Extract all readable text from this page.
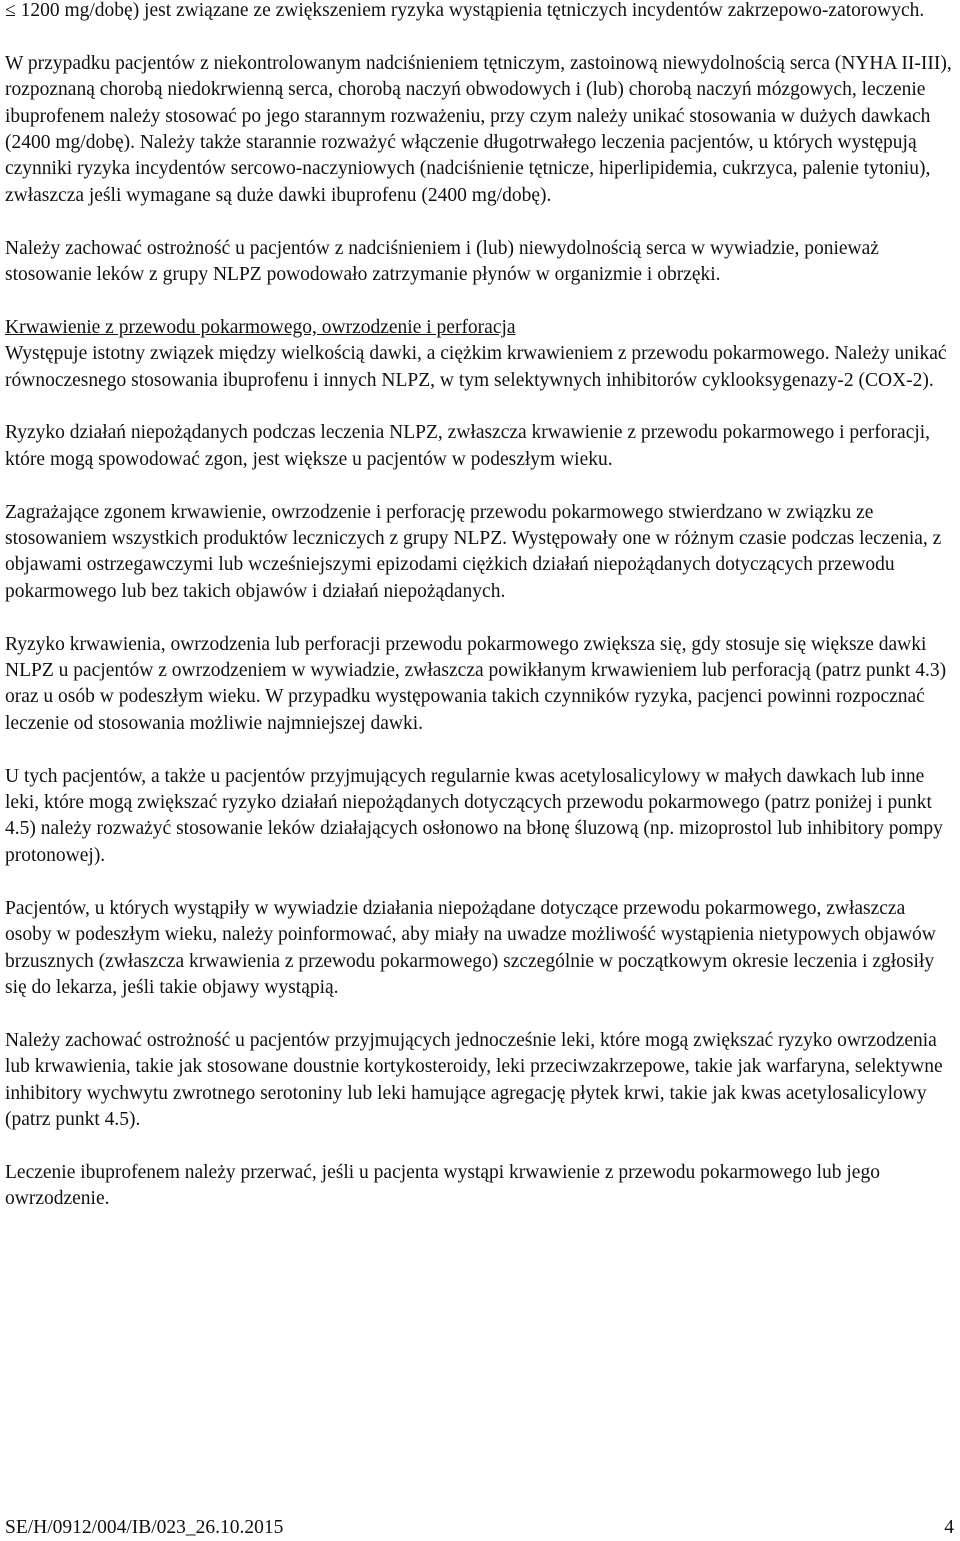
≤ 1200 mg/dobę) jest związane ze zwiększeniem ryzyka wystąpienia tętniczych incydentów zakrzepowo-zatorowych.

W przypadku pacjentów z niekontrolowanym nadciśnieniem tętniczym, zastoinową niewydolnością serca (NYHA II-III), rozpoznaną chorobą niedokrwienną serca, chorobą naczyń obwodowych i (lub) chorobą naczyń mózgowych, leczenie ibuprofenem należy stosować po jego starannym rozważeniu, przy czym należy unikać stosowania w dużych dawkach (2400 mg/dobę). Należy także starannie rozważyć włączenie długotrwałego leczenia pacjentów, u których występują czynniki ryzyka incydentów sercowo-naczyniowych (nadciśnienie tętnicze, hiperlipidemia, cukrzyca, palenie tytoniu), zwłaszcza jeśli wymagane są duże dawki ibuprofenu (2400 mg/dobę).

Należy zachować ostrożność u pacjentów z nadciśnieniem i (lub) niewydolnością serca w wywiadzie, ponieważ stosowanie leków z grupy NLPZ powodowało zatrzymanie płynów w organizmie i obrzęki.

Krwawienie z przewodu pokarmowego, owrzodzenie i perforacja

Występuje istotny związek między wielkością dawki, a ciężkim krwawieniem z przewodu pokarmowego. Należy unikać równoczesnego stosowania ibuprofenu i innych NLPZ, w tym selektywnych inhibitorów cyklooksygenazy-2 (COX-2).

Ryzyko działań niepożądanych podczas leczenia NLPZ, zwłaszcza krwawienie z przewodu pokarmowego i perforacji, które mogą spowodować zgon, jest większe u pacjentów w podeszłym wieku.

Zagrażające zgonem krwawienie, owrzodzenie i perforację przewodu pokarmowego stwierdzano w związku ze stosowaniem wszystkich produktów leczniczych z grupy NLPZ. Występowały one w różnym czasie podczas leczenia, z objawami ostrzegawczymi lub wcześniejszymi epizodami ciężkich działań niepożądanych dotyczących przewodu pokarmowego lub bez takich objawów i działań niepożądanych.

Ryzyko krwawienia, owrzodzenia lub perforacji przewodu pokarmowego zwiększa się, gdy stosuje się większe dawki NLPZ u pacjentów z owrzodzeniem w wywiadzie, zwłaszcza powikłanym krwawieniem lub perforacją (patrz punkt 4.3) oraz u osób w podeszłym wieku. W przypadku występowania takich czynników ryzyka, pacjenci powinni rozpocznać leczenie od stosowania możliwie najmniejszej dawki.

U tych pacjentów, a także u pacjentów przyjmujących regularnie kwas acetylosalicylowy w małych dawkach lub inne leki, które mogą zwiększać ryzyko działań niepożądanych dotyczących przewodu pokarmowego (patrz poniżej i punkt 4.5) należy rozważyć stosowanie leków działających osłonowo na błonę śluzową (np. mizoprostol lub inhibitory pompy protonowej).

Pacjentów, u których wystąpiły w wywiadzie działania niepożądane dotyczące przewodu pokarmowego, zwłaszcza osoby w podeszłym wieku, należy poinformować, aby miały na uwadze możliwość wystąpienia nietypowych objawów brzusznych (zwłaszcza krwawienia z przewodu pokarmowego) szczególnie w początkowym okresie leczenia i zgłosiły się do lekarza, jeśli takie objawy wystąpią.

Należy zachować ostrożność u pacjentów przyjmujących jednocześnie leki, które mogą zwiększać ryzyko owrzodzenia lub krwawienia, takie jak stosowane doustnie kortykosteroidy, leki przeciwzakrzepowe, takie jak warfaryna, selektywne inhibitory wychwytu zwrotnego serotoniny lub leki hamujące agregację płytek krwi, takie jak kwas acetylosalicylowy (patrz punkt 4.5).

Leczenie ibuprofenem należy przerwać, jeśli u pacjenta wystąpi krwawienie z przewodu pokarmowego lub jego owrzodzenie.

SE/H/0912/004/IB/023_26.10.2015	4
